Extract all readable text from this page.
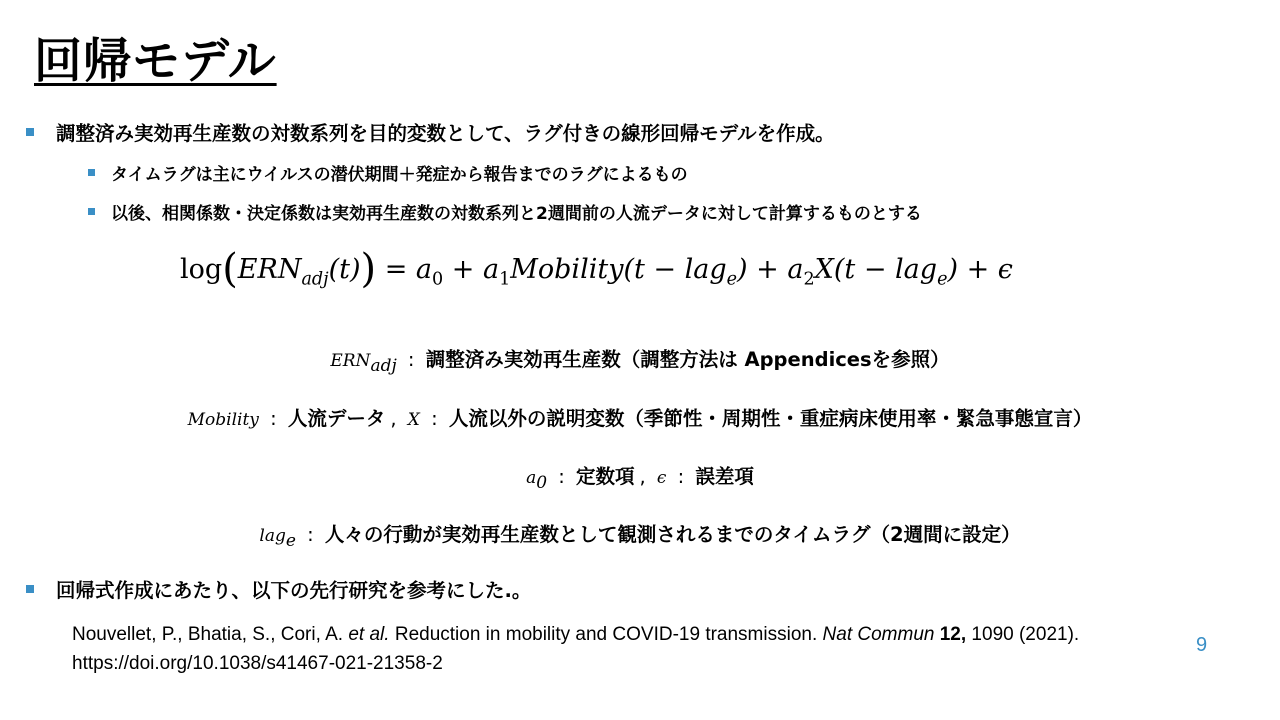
回帰モデル
調整済み実効再生産数の対数系列を目的変数として、ラグ付きの線形回帰モデルを作成。
タイムラグは主にウイルスの潜伏期間＋発症から報告までのラグによるもの
以後、相関係数・決定係数は実効再生産数の対数系列と2週間前の人流データに対して計算するものとする
$\log(ERN_{adj}(t)) = a_0$ + $a_1Mobility(t - lag_e) + a_2X(t - lag_e) + \epsilon$
$ERN_{adj}$ : 調整済み実効再生産数（調整方法は Appendicesを参照）
Mobility : 人流データ , X : 人流以外の説明変数（季節性・周期性・重症病床使用率・緊急事態宣言）
$a_0$ : 定数項 , ϵ : 誤差項
lag$_e$ : 人々の行動が実効再生産数として観測されるまでのタイムラグ（2週間に設定）
回帰式作成にあたり、以下の先行研究を参考にした.。
Nouvellet, P., Bhatia, S., Cori, A. et al. Reduction in mobility and COVID-19 transmission. Nat Commun 12, 1090 (2021).
https://doi.org/10.1038/s41467-021-21358-2
9
